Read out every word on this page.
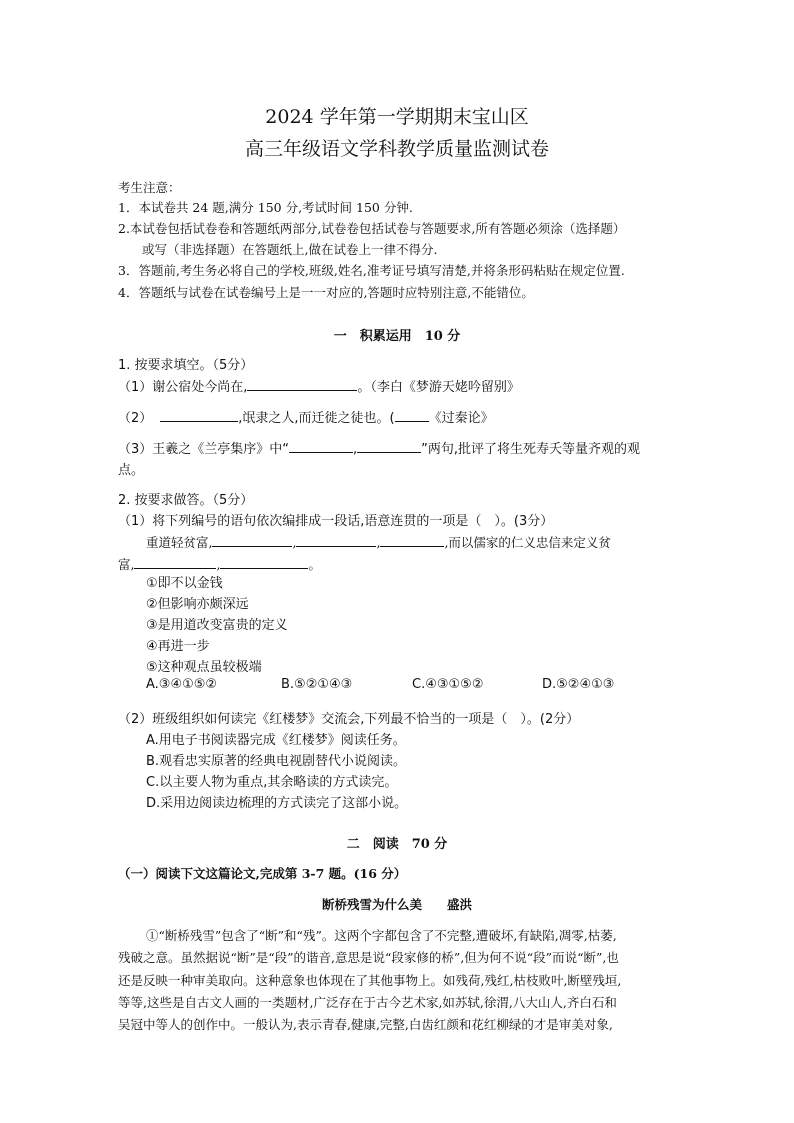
2024 学年第一学期期末宝山区
高三年级语文学科教学质量监测试卷
考生注意：
1．本试卷共 24 题,满分 150 分,考试时间 150 分钟.
2.本试卷包括试卷卷和答题纸两部分,试卷卷包括试卷与答题要求,所有答题必须涂（选择题）
或写（非选择题）在答题纸上,做在试卷上一律不得分.
3．答题前,考生务必将自己的学校,班级,姓名,准考证号填写清楚,并将条形码粘贴在规定位置.
4．答题纸与试卷在试卷编号上是一一对应的,答题时应特别注意,不能错位。
一　积累运用　10 分
1. 按要求填空。（5分）
（1）谢公宿处今尚在,	。（李白《梦游天姥吟留别》
（2）	,氓隶之人,而迁徙之徒也。(	《过秦论》
（3）王羲之《兰亭集序》中“	,	”两句,批评了将生死寿夭等量齐观的观
点。
2. 按要求做答。（5分）
（1）将下列编号的语句依次编排成一段话,语意连贯的一项是（　）。(3分）
重道轻贫富,	,	,	,而以儒家的仁义忠信来定义贫
富,	,	。
①即不以金钱
②但影响亦颇深远
③是用道改变富贵的定义
④再进一步
⑤这种观点虽较极端
A.③④①⑤②	B.⑤②①④③	C.④③①⑤②	D.⑤②④①③
（2）班级组织如何读完《红楼梦》交流会,下列最不恰当的一项是（　）。(2分）
A.用电子书阅读器完成《红楼梦》阅读任务。
B.观看忠实原著的经典电视剧替代小说阅读。
C.以主要人物为重点,其余略读的方式读完。
D.采用边阅读边梳理的方式读完了这部小说。
二　阅读　70 分
（一）阅读下文这篇论文,完成第 3-7 题。(16 分）
断桥残雪为什么美　　盛洪
①“断桥残雪”包含了“断”和“残”。这两个字都包含了不完整,遭破坏,有缺陷,凋零,枯萎,
残破之意。虽然据说“断”是“段”的谐音,意思是说“段家修的桥”,但为何不说“段”而说“断”,也
还是反映一种审美取向。这种意象也体现在了其他事物上。如残荷,残红,枯枝败叶,断壁残垣,
等等,这些是自古文人画的一类题材,广泛存在于古今艺术家,如苏轼,徐渭,八大山人,齐白石和
吴冠中等人的创作中。一般认为,表示青春,健康,完整,白齿红颜和花红柳绿的才是审美对象,
